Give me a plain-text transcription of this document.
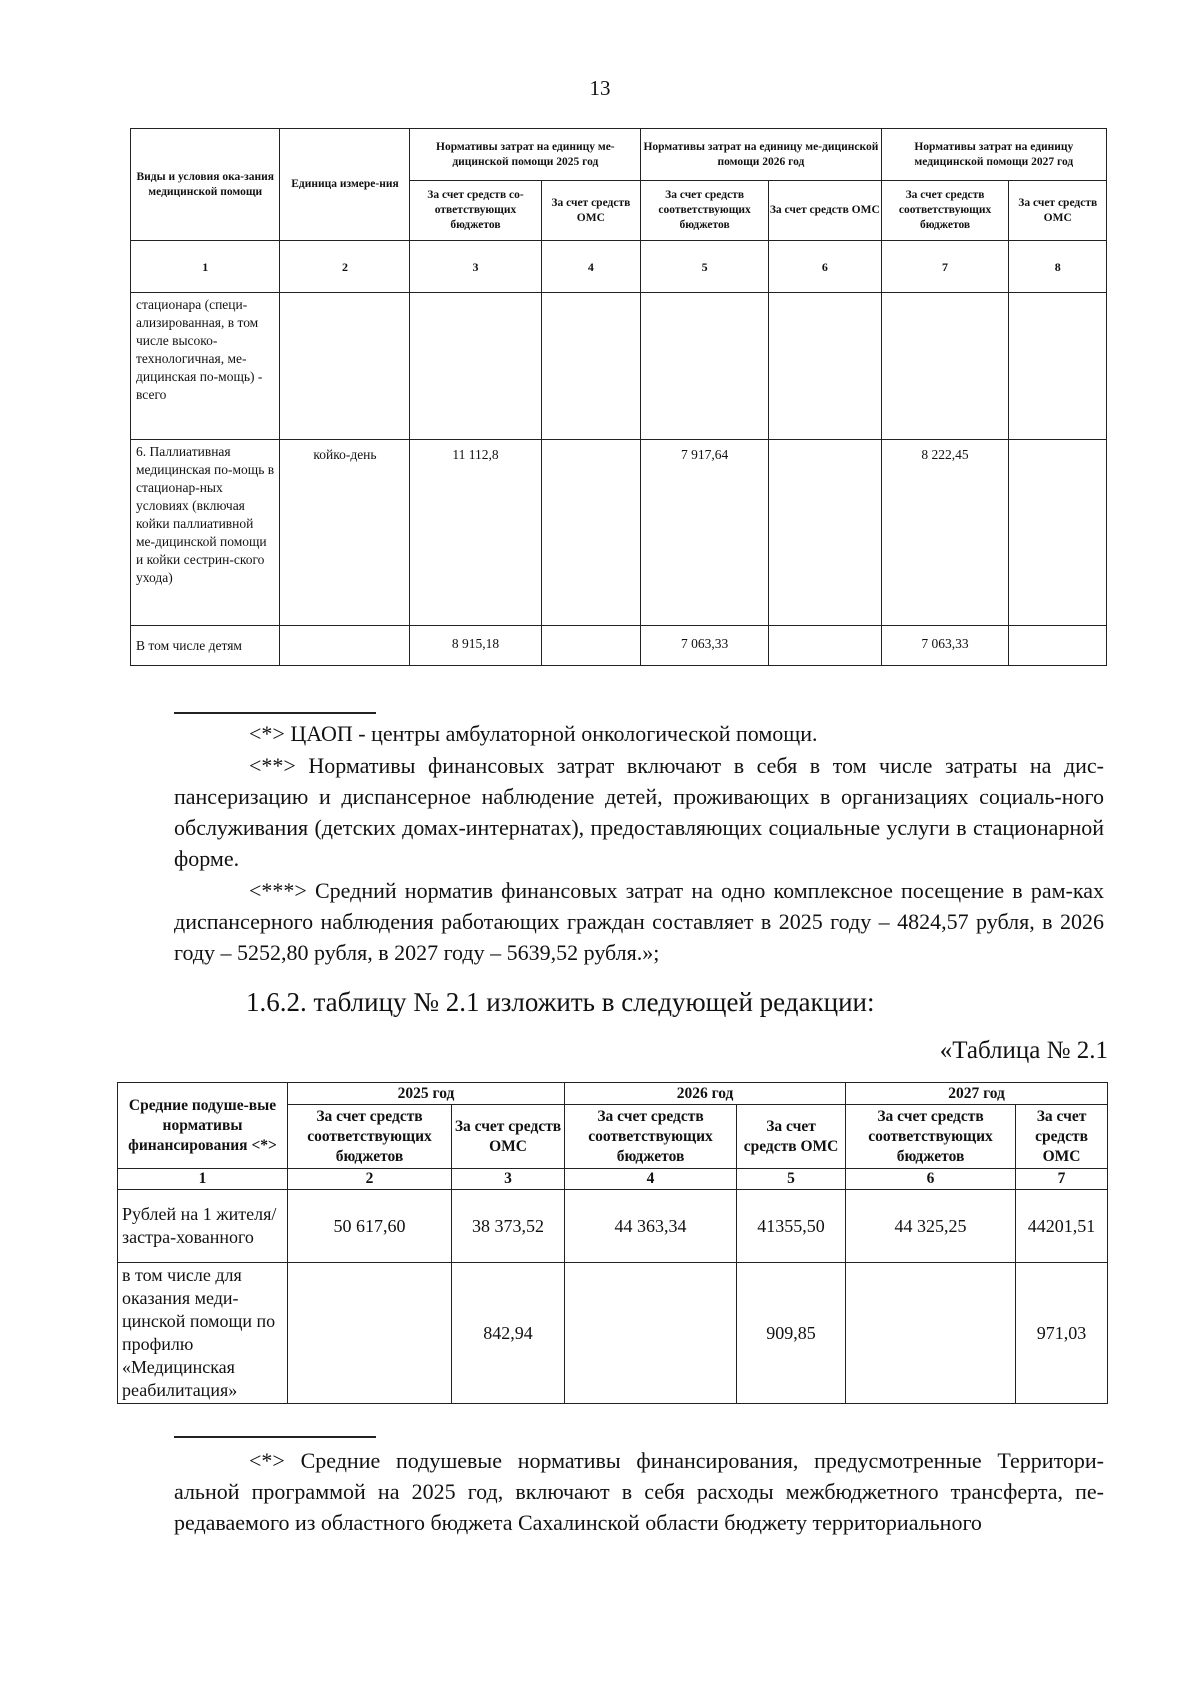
13
Виды и условия ока-зания медицинской помощи	Единица измере-ния	Нормативы затрат на единицу ме-дицинской помощи 2025 год		Нормативы затрат на единицу ме-дицинской помощи 2026 год		Нормативы затрат на единицу медицинской помощи 2027 год	
		За счет средств со-ответствующих бюджетов	За счет средств ОМС	За счет средств соответствующих бюджетов	За счет средств ОМС	За счет средств соответствующих бюджетов	За счет средств ОМС
1	2	3	4	5	6	7	8
стационара (специ-ализированная, в том числе высоко-технологичная, ме-дицинская по-мощь) - всего							
6. Паллиативная медицинская по-мощь в стационар-ных условиях (включая койки паллиативной ме-дицинской помощи и койки сестрин-ского ухода)	койко-день	11 112,8		7 917,64		8 222,45	
В том числе детям		8 915,18		7 063,33		7 063,33	

<*> ЦАОП - центры амбулаторной онкологической помощи.

<**> Нормативы финансовых затрат включают в себя в том числе затраты на дис-пансеризацию и диспансерное наблюдение детей, проживающих в организациях социаль-ного обслуживания (детских домах-интернатах), предоставляющих социальные услуги в стационарной форме.

<***> Средний норматив финансовых затрат на одно комплексное посещение в рам-ках диспансерного наблюдения работающих граждан составляет в 2025 году – 4824,57 рубля, в 2026 году – 5252,80 рубля, в 2027 году – 5639,52 рубля.»;

1.6.2. таблицу № 2.1 изложить в следующей редакции:
«Таблица № 2.1
Средние подуше-вые нормативы финансирования <*>	2025 год		2026 год		2027 год	
	За счет средств соответствующих бюджетов	За счет средств ОМС	За счет средств соответствующих бюджетов	За счет средств ОМС	За счет средств соответствующих бюджетов	За счет средств ОМС
1	2	3	4	5	6	7
Рублей на 1 жителя/ застра-хованного	50 617,60	38 373,52	44 363,34	41355,50	44 325,25	44201,51
в том числе для оказания меди-цинской помощи по профилю «Медицинская реабилитация»		842,94		909,85		971,03

<*> Средние подушевые нормативы финансирования, предусмотренные Территори-альной программой на 2025 год, включают в себя расходы межбюджетного трансферта, пе-редаваемого из областного бюджета Сахалинской области бюджету территориального
